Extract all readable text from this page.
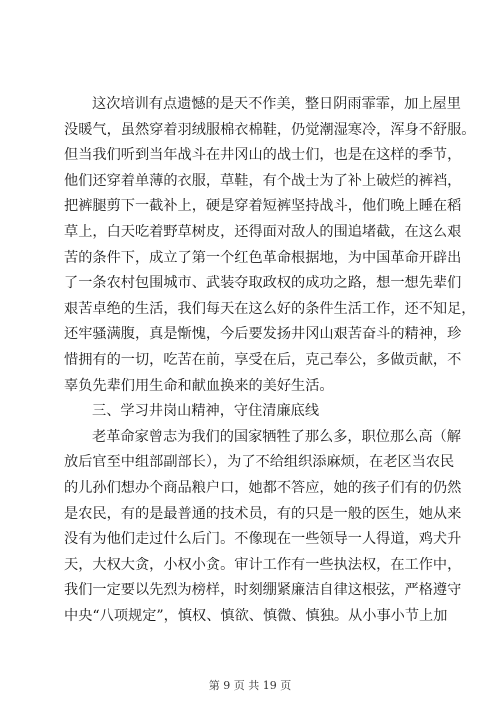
这次培训有点遗憾的是天不作美，整日阴雨霏霏，加上屋里
没暖气，虽然穿着羽绒服棉衣棉鞋，仍觉潮湿寒冷，浑身不舒服。
但当我们听到当年战斗在井冈山的战士们，也是在这样的季节，
他们还穿着单薄的衣服，草鞋，有个战士为了补上破烂的裤裆，
把裤腿剪下一截补上，硬是穿着短裤坚持战斗，他们晚上睡在稻
草上，白天吃着野草树皮，还得面对敌人的围追堵截，在这么艰
苦的条件下，成立了第一个红色革命根据地，为中国革命开辟出
了一条农村包围城市、武装夺取政权的成功之路，想一想先辈们
艰苦卓绝的生活，我们每天在这么好的条件生活工作，还不知足，
还牢骚满腹，真是惭愧，今后要发扬井冈山艰苦奋斗的精神，珍
惜拥有的一切，吃苦在前，享受在后，克己奉公，多做贡献，不
辜负先辈们用生命和献血换来的美好生活。
三、学习井岗山精神，守住清廉底线
老革命家曾志为我们的国家牺牲了那么多，职位那么高（解
放后官至中组部副部长），为了不给组织添麻烦，在老区当农民
的儿孙们想办个商品粮户口，她都不答应，她的孩子们有的仍然
是农民，有的是最普通的技术员，有的只是一般的医生，她从来
没有为他们走过什么后门。不像现在一些领导一人得道，鸡犬升
天，大权大贪，小权小贪。审计工作有一些执法权，在工作中，
我们一定要以先烈为榜样，时刻绷紧廉洁自律这根弦，严格遵守
中央“八项规定”，慎权、慎欲、慎微、慎独。从小事小节上加
第 9 页 共 19 页
